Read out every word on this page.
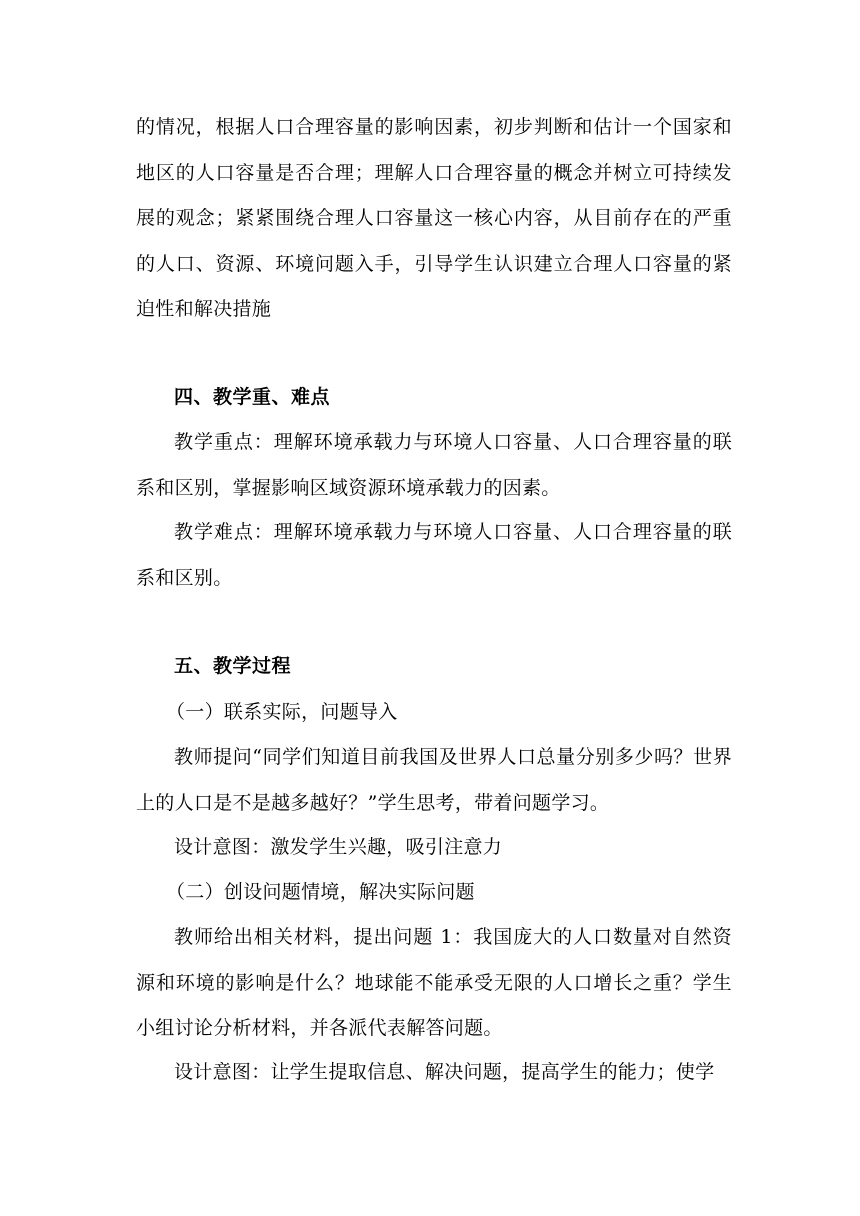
的情况，根据人口合理容量的影响因素，初步判断和估计一个国家和地区的人口容量是否合理；理解人口合理容量的概念并树立可持续发展的观念；紧紧围绕合理人口容量这一核心内容，从目前存在的严重的人口、资源、环境问题入手，引导学生认识建立合理人口容量的紧迫性和解决措施

四、教学重、难点

教学重点：理解环境承载力与环境人口容量、人口合理容量的联系和区别，掌握影响区域资源环境承载力的因素。

教学难点：理解环境承载力与环境人口容量、人口合理容量的联系和区别。

五、教学过程

（一）联系实际，问题导入

教师提问“同学们知道目前我国及世界人口总量分别多少吗？世界上的人口是不是越多越好？”学生思考，带着问题学习。

设计意图：激发学生兴趣，吸引注意力

（二）创设问题情境，解决实际问题

教师给出相关材料，提出问题 1：我国庞大的人口数量对自然资源和环境的影响是什么？地球能不能承受无限的人口增长之重？学生小组讨论分析材料，并各派代表解答问题。

设计意图：让学生提取信息、解决问题，提高学生的能力；使学
